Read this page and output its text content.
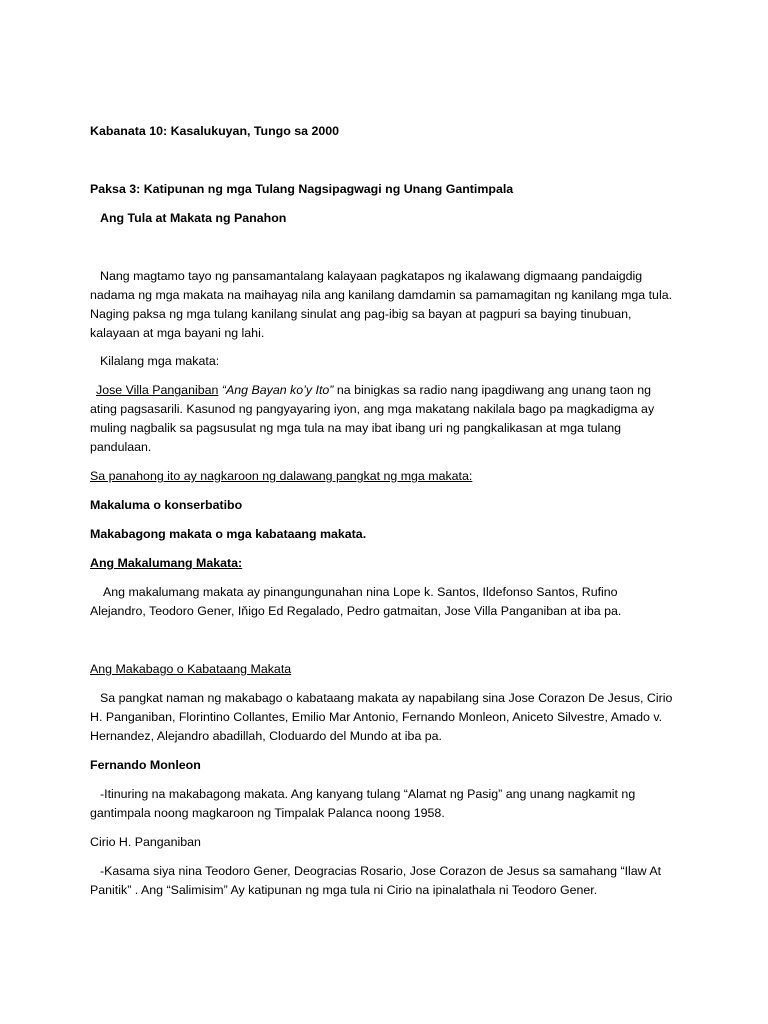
Kabanata 10: Kasalukuyan, Tungo sa 2000
Paksa 3: Katipunan ng mga Tulang Nagsipagwagi ng Unang Gantimpala
Ang Tula at Makata ng Panahon
Nang magtamo tayo ng pansamantalang kalayaan pagkatapos ng ikalawang digmaang pandaigdig
nadama ng mga makata na maihayag nila ang kanilang damdamin sa pamamagitan ng kanilang mga tula.
Naging paksa ng mga tulang kanilang sinulat ang pag-ibig sa bayan at pagpuri sa baying tinubuan,
kalayaan at mga bayani ng lahi.
Kilalang mga makata:
Jose Villa Panganiban “Ang Bayan ko’y Ito” na binigkas sa radio nang ipagdiwang ang unang taon ng
ating pagsasarili. Kasunod ng pangyayaring iyon, ang mga makatang nakilala bago pa magkadigma ay
muling nagbalik sa pagsusulat ng mga tula na may ibat ibang uri ng pangkalikasan at mga tulang
pandulaan.
Sa panahong ito ay nagkaroon ng dalawang pangkat ng mga makata:
Makaluma o konserbatibo
Makabagong makata o mga kabataang makata.
Ang Makalumang Makata:
Ang makalumang makata ay pinangungunahan nina Lope k. Santos, Ildefonso Santos, Rufino
Alejandro, Teodoro Gener, Iňigo Ed Regalado, Pedro gatmaitan, Jose Villa Panganiban at iba pa.
Ang Makabago o Kabataang Makata
Sa pangkat naman ng makabago o kabataang makata ay napabilang sina Jose Corazon De Jesus, Cirio
H. Panganiban, Florintino Collantes, Emilio Mar Antonio, Fernando Monleon, Aniceto Silvestre, Amado v.
Hernandez, Alejandro abadillah, Cloduardo del Mundo at iba pa.
Fernando Monleon
-Itinuring na makabagong makata. Ang kanyang tulang “Alamat ng Pasig” ang unang nagkamit ng
gantimpala noong magkaroon ng Timpalak Palanca noong 1958.
Cirio H. Panganiban
-Kasama siya nina Teodoro Gener, Deogracias Rosario, Jose Corazon de Jesus sa samahang “Ilaw At
Panitik” . Ang “Salimisim” Ay katipunan ng mga tula ni Cirio na ipinalathala ni Teodoro Gener.
